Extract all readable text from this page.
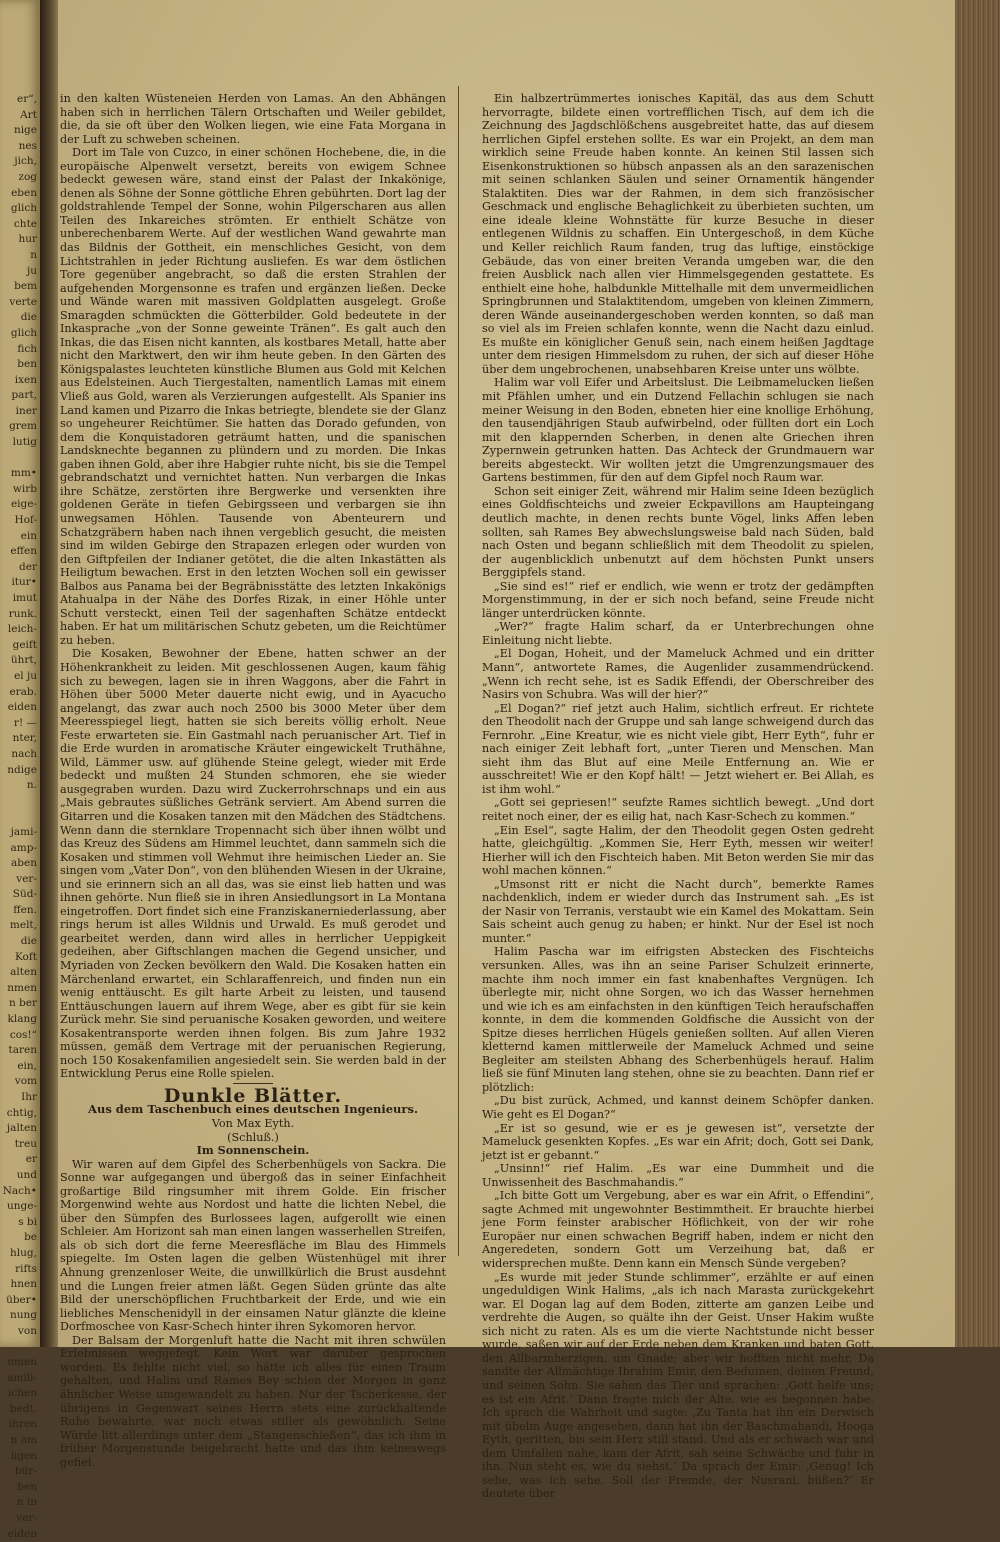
er“,
Art
nige
nes
jich,
zog
eben
glich
chte
hur
n
ju
bem
verte
die
glich
fich
ben
ixen
part,
iner
grem
lutig

mm•
wirb
eige-
Hof-
ein
effen
der
itur•
imut
runk.
leich-
geift
ührt,
el ju
erab.
eiden
r! —
nter,
nach
ndige
n.

jami-
amp-
aben
ver-
Süd-
ffen.
melt,
die
Koft
alten
nmen
n ber
klang
cos!“
taren
ein,
vom
Ihr
chtig,
jalten
treu
er
und
Nach•
unge-
s bi
be
hlug,
rifts
hnen
über•
nung
von

nmen
amili-
ichen
bedt.
ihren
n am
ligen
bür-
ben
n in
ver-
eiden

in den kalten Wüsteneien Herden von Lamas. An den Abhängen haben sich in herrlichen Tälern Ortschaften und Weiler gebildet, die, da sie oft über den Wolken liegen, wie eine Fata Morgana in der Luft zu schweben scheinen.

Dort im Tale von Cuzco, in einer schönen Hochebene, die, in die europäische Alpenwelt versetzt, bereits von ewigem Schnee bedeckt gewesen wäre, stand einst der Palast der Inkakönige, denen als Söhne der Sonne göttliche Ehren gebührten. Dort lag der goldstrahlende Tempel der Sonne, wohin Pilgerscharen aus allen Teilen des Inkareiches strömten. Er enthielt Schätze von unberechenbarem Werte. Auf der westlichen Wand gewahrte man das Bildnis der Gottheit, ein menschliches Gesicht, von dem Lichtstrahlen in jeder Richtung ausliefen. Es war dem östlichen Tore gegenüber angebracht, so daß die ersten Strahlen der aufgehenden Morgensonne es trafen und ergänzen ließen. Decke und Wände waren mit massiven Goldplatten ausgelegt. Große Smaragden schmückten die Götterbilder. Gold bedeutete in der Inkasprache „von der Sonne geweinte Tränen“. Es galt auch den Inkas, die das Eisen nicht kannten, als kostbares Metall, hatte aber nicht den Marktwert, den wir ihm heute geben. In den Gärten des Königspalastes leuchteten künstliche Blumen aus Gold mit Kelchen aus Edelsteinen. Auch Tiergestalten, namentlich Lamas mit einem Vließ aus Gold, waren als Verzierungen aufgestellt. Als Spanier ins Land kamen und Pizarro die Inkas betriegte, blendete sie der Glanz so ungeheurer Reichtümer. Sie hatten das Dorado gefunden, von dem die Konquistadoren geträumt hatten, und die spanischen Landsknechte begannen zu plündern und zu morden. Die Inkas gaben ihnen Gold, aber ihre Habgier ruhte nicht, bis sie die Tempel gebrandschatzt und vernichtet hatten. Nun verbargen die Inkas ihre Schätze, zerstörten ihre Bergwerke und versenkten ihre goldenen Geräte in tiefen Gebirgsseen und verbargen sie ihn unwegsamen Höhlen. Tausende von Abenteurern und Schatzgräbern haben nach ihnen vergeblich gesucht, die meisten sind im wilden Gebirge den Strapazen erlegen oder wurden von den Giftpfeilen der Indianer getötet, die die alten Inkastätten als Heiligtum bewachen. Erst in den letzten Wochen soll ein gewisser Balbos aus Panama bei der Begräbnisstätte des letzten Inkakönigs Atahualpa in der Nähe des Dorfes Rizak, in einer Höhle unter Schutt versteckt, einen Teil der sagenhaften Schätze entdeckt haben. Er hat um militärischen Schutz gebeten, um die Reichtümer zu heben.

Die Kosaken, Bewohner der Ebene, hatten schwer an der Höhenkrankheit zu leiden. Mit geschlossenen Augen, kaum fähig sich zu bewegen, lagen sie in ihren Waggons, aber die Fahrt in Höhen über 5000 Meter dauerte nicht ewig, und in Ayacucho angelangt, das zwar auch noch 2500 bis 3000 Meter über dem Meeresspiegel liegt, hatten sie sich bereits völlig erholt. Neue Feste erwarteten sie. Ein Gastmahl nach peruanischer Art. Tief in die Erde wurden in aromatische Kräuter eingewickelt Truthähne, Wild, Lämmer usw. auf glühende Steine gelegt, wieder mit Erde bedeckt und mußten 24 Stunden schmoren, ehe sie wieder ausgegraben wurden. Dazu wird Zuckerrohrschnaps und ein aus „Mais gebrautes süßliches Getränk serviert. Am Abend surren die Gitarren und die Kosaken tanzen mit den Mädchen des Städtchens. Wenn dann die sternklare Tropennacht sich über ihnen wölbt und das Kreuz des Südens am Himmel leuchtet, dann sammeln sich die Kosaken und stimmen voll Wehmut ihre heimischen Lieder an. Sie singen vom „Vater Don“, von den blühenden Wiesen in der Ukraine, und sie erinnern sich an all das, was sie einst lieb hatten und was ihnen gehörte. Nun fließ sie in ihren Ansiedlungsort in La Montana eingetroffen. Dort findet sich eine Franziskanerniederlassung, aber rings herum ist alles Wildnis und Urwald. Es muß gerodet und gearbeitet werden, dann wird alles in herrlicher Ueppigkeit gedeihen, aber Giftschlangen machen die Gegend unsicher, und Myriaden von Zecken bevölkern den Wald. Die Kosaken hatten ein Märchenland erwartet, ein Schlaraffenreich, und finden nun ein wenig enttäuscht. Es gilt harte Arbeit zu leisten, und tausend Enttäuschungen lauern auf ihrem Wege, aber es gibt für sie kein Zurück mehr. Sie sind peruanische Kosaken geworden, und weitere Kosakentransporte werden ihnen folgen. Bis zum Jahre 1932 müssen, gemäß dem Vertrage mit der peruanischen Regierung, noch 150 Kosakenfamilien angesiedelt sein. Sie werden bald in der Entwicklung Perus eine Rolle spielen.

Dunkle Blätter.

Aus dem Taschenbuch eines deutschen Ingenieurs.

Von Max Eyth.

(Schluß.)

Im Sonnenschein.

Wir waren auf dem Gipfel des Scherbenhügels von Sackra. Die Sonne war aufgegangen und übergoß das in seiner Einfachheit großartige Bild ringsumher mit ihrem Golde. Ein frischer Morgenwind wehte aus Nordost und hatte die lichten Nebel, die über den Sümpfen des Burlossees lagen, aufgerollt wie einen Schleier. Am Horizont sah man einen langen wasserhellen Streifen, als ob sich dort die ferne Meeresfläche im Blau des Himmels spiegelte. Im Osten lagen die gelben Wüstenhügel mit ihrer Ahnung grenzenloser Weite, die unwillkürlich die Brust ausdehnt und die Lungen freier atmen läßt. Gegen Süden grünte das alte Bild der unerschöpflichen Fruchtbarkeit der Erde, und wie ein liebliches Menschenidyll in der einsamen Natur glänzte die kleine Dorfmoschee von Kasr-Schech hinter ihren Sykomoren hervor.

Der Balsam der Morgenluft hatte die Nacht mit ihren schwülen Erlebnissen weggefegt. Kein Wort war darüber gesprochen worden. Es fehlte nicht viel, so hätte ich alles für einen Traum gehalten, und Halim und Rames Bey schien der Morgen in ganz ähnlicher Weise umgewandelt zu haben. Nur der Tscherkesse, der übrigens in Gegenwart seines Herrn stets eine zurückhaltende Ruhe bewahrte, war noch etwas stiller als gewöhnlich. Seine Würde litt allerdings unter dem „Stangenschießen“, das ich ihm in früher Morgenstunde beigebracht hatte und das ihm keineswegs gefiel.

Ein halbzertrümmertes ionisches Kapitäl, das aus dem Schutt hervorragte, bildete einen vortrefflichen Tisch, auf dem ich die Zeichnung des Jagdschlößchens ausgebreitet hatte, das auf diesem herrlichen Gipfel erstehen sollte. Es war ein Projekt, an dem man wirklich seine Freude haben konnte. An keinen Stil lassen sich Eisenkonstruktionen so hübsch anpassen als an den sarazenischen mit seinen schlanken Säulen und seiner Ornamentik hängender Stalaktiten. Dies war der Rahmen, in dem sich französischer Geschmack und englische Behaglichkeit zu überbieten suchten, um eine ideale kleine Wohnstätte für kurze Besuche in dieser entlegenen Wildnis zu schaffen. Ein Untergeschoß, in dem Küche und Keller reichlich Raum fanden, trug das luftige, einstöckige Gebäude, das von einer breiten Veranda umgeben war, die den freien Ausblick nach allen vier Himmelsgegenden gestattete. Es enthielt eine hohe, halbdunkle Mittelhalle mit dem unvermeidlichen Springbrunnen und Stalaktitendom, umgeben von kleinen Zimmern, deren Wände auseinandergeschoben werden konnten, so daß man so viel als im Freien schlafen konnte, wenn die Nacht dazu einlud. Es mußte ein königlicher Genuß sein, nach einem heißen Jagdtage unter dem riesigen Himmelsdom zu ruhen, der sich auf dieser Höhe über dem ungebrochenen, unabsehbaren Kreise unter uns wölbte.

Halim war voll Eifer und Arbeitslust. Die Leibmamelucken ließen mit Pfählen umher, und ein Dutzend Fellachin schlugen sie nach meiner Weisung in den Boden, ebneten hier eine knollige Erhöhung, den tausendjährigen Staub aufwirbelnd, oder füllten dort ein Loch mit den klappernden Scherben, in denen alte Griechen ihren Zypernwein getrunken hatten. Das Achteck der Grundmauern war bereits abgesteckt. Wir wollten jetzt die Umgrenzungsmauer des Gartens bestimmen, für den auf dem Gipfel noch Raum war.

Schon seit einiger Zeit, während mir Halim seine Ideen bezüglich eines Goldfischteichs und zweier Eckpavillons am Haupteingang deutlich machte, in denen rechts bunte Vögel, links Affen leben sollten, sah Rames Bey abwechslungsweise bald nach Süden, bald nach Osten und begann schließlich mit dem Theodolit zu spielen, der augenblicklich unbenutzt auf dem höchsten Punkt unsers Berggipfels stand.

„Sie sind es!“ rief er endlich, wie wenn er trotz der gedämpften Morgenstimmung, in der er sich noch befand, seine Freude nicht länger unterdrücken könnte.

„Wer?“ fragte Halim scharf, da er Unterbrechungen ohne Einleitung nicht liebte.

„El Dogan, Hoheit, und der Mameluck Achmed und ein dritter Mann“, antwortete Rames, die Augenlider zusammendrückend. „Wenn ich recht sehe, ist es Sadik Effendi, der Oberschreiber des Nasirs von Schubra. Was will der hier?“

„El Dogan?“ rief jetzt auch Halim, sichtlich erfreut. Er richtete den Theodolit nach der Gruppe und sah lange schweigend durch das Fernrohr. „Eine Kreatur, wie es nicht viele gibt, Herr Eyth“, fuhr er nach einiger Zeit lebhaft fort, „unter Tieren und Menschen. Man sieht ihm das Blut auf eine Meile Entfernung an. Wie er ausschreitet! Wie er den Kopf hält! — Jetzt wiehert er. Bei Allah, es ist ihm wohl.“

„Gott sei gepriesen!“ seufzte Rames sichtlich bewegt. „Und dort reitet noch einer, der es eilig hat, nach Kasr-Schech zu kommen.“

„Ein Esel“, sagte Halim, der den Theodolit gegen Osten gedreht hatte, gleichgültig. „Kommen Sie, Herr Eyth, messen wir weiter! Hierher will ich den Fischteich haben. Mit Beton werden Sie mir das wohl machen können.“

„Umsonst ritt er nicht die Nacht durch“, bemerkte Rames nachdenklich, indem er wieder durch das Instrument sah. „Es ist der Nasir von Terranis, verstaubt wie ein Kamel des Mokattam. Sein Sais scheint auch genug zu haben; er hinkt. Nur der Esel ist noch munter.“

Halim Pascha war im eifrigsten Abstecken des Fischteichs versunken. Alles, was ihn an seine Pariser Schulzeit erinnerte, machte ihm noch immer ein fast knabenhaftes Vergnügen. Ich überlegte mir, nicht ohne Sorgen, wo ich das Wasser hernehmen und wie ich es am einfachsten in den künftigen Teich heraufschaffen konnte, in dem die kommenden Goldfische die Aussicht von der Spitze dieses herrlichen Hügels genießen sollten. Auf allen Vieren kletternd kamen mittlerweile der Mameluck Achmed und seine Begleiter am steilsten Abhang des Scherbenhügels herauf. Halim ließ sie fünf Minuten lang stehen, ohne sie zu beachten. Dann rief er plötzlich:

„Du bist zurück, Achmed, und kannst deinem Schöpfer danken. Wie geht es El Dogan?“

„Er ist so gesund, wie er es je gewesen ist“, versetzte der Mameluck gesenkten Kopfes. „Es war ein Afrit; doch, Gott sei Dank, jetzt ist er gebannt.“

„Unsinn!“ rief Halim. „Es war eine Dummheit und die Unwissenheit des Baschmahandis.“

„Ich bitte Gott um Vergebung, aber es war ein Afrit, o Effendini“, sagte Achmed mit ungewohnter Bestimmtheit. Er brauchte hierbei jene Form feinster arabischer Höflichkeit, von der wir rohe Europäer nur einen schwachen Begriff haben, indem er nicht den Angeredeten, sondern Gott um Verzeihung bat, daß er widersprechen mußte. Denn kann ein Mensch Sünde vergeben?

„Es wurde mit jeder Stunde schlimmer“, erzählte er auf einen ungeduldigen Wink Halims, „als ich nach Marasta zurückgekehrt war. El Dogan lag auf dem Boden, zitterte am ganzen Leibe und verdrehte die Augen, so quälte ihn der Geist. Unser Hakim wußte sich nicht zu raten. Als es um die vierte Nachtstunde nicht besser wurde, saßen wir auf der Erde neben dem Kranken und baten Gott, den Allbarmherzigen, um Gnade; aber wir hofften nicht mehr. Da sandte der Allmächtige Ibrahim Emir, den Beduinen, deinen Freund, und seinen Sohn. Sie sahen das Tier und sprachen: ‚Gott helfe uns; es ist ein Afrit.‘ Dann fragte mich der Alte, wie es begonnen habe. Ich sprach die Wahrheit und sagte: ‚Zu Tanta hat ihn ein Derwisch mit übelm Auge angesehen, dann hat ihn der Baschmahandi, Hooga Eyth, geritten, bis sein Herz still stand. Und als er schwach war und dem Umfallen nahe, kam der Afrit, sah seine Schwäche und fuhr in ihn. Nun steht es, wie du siehst.‘ Da sprach der Emir: ‚Genug! Ich sehe, was ich sehe. Soll der Fremde, der Nusrani, büßen?‘ Er deutete über
